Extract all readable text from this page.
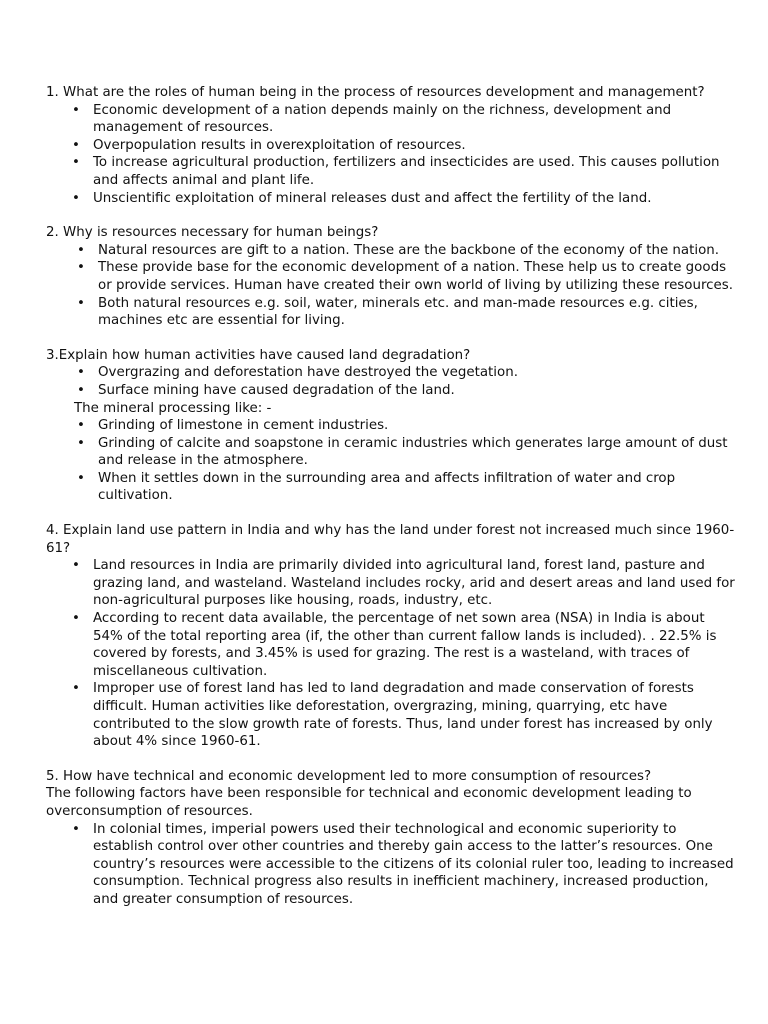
1. What are the roles of human being in the process of resources development and management?

• Economic development of a nation depends mainly on the richness, development and management of resources.
• Overpopulation results in overexploitation of resources.
• To increase agricultural production, fertilizers and insecticides are used. This causes pollution and affects animal and plant life.
• Unscientific exploitation of mineral releases dust and affect the fertility of the land.

2. Why is resources necessary for human beings?

• Natural resources are gift to a nation. These are the backbone of the economy of the nation.
• These provide base for the economic development of a nation. These help us to create goods or provide services. Human have created their own world of living by utilizing these resources.
• Both natural resources e.g. soil, water, minerals etc. and man-made resources e.g. cities, machines etc are essential for living.

3.Explain how human activities have caused land degradation?

• Overgrazing and deforestation have destroyed the vegetation.
• Surface mining have caused degradation of the land.

The mineral processing like: -

• Grinding of limestone in cement industries.
• Grinding of calcite and soapstone in ceramic industries which generates large amount of dust and release in the atmosphere.
• When it settles down in the surrounding area and affects infiltration of water and crop cultivation.

4. Explain land use pattern in India and why has the land under forest not increased much since 1960-61?

• Land resources in India are primarily divided into agricultural land, forest land, pasture and grazing land, and wasteland. Wasteland includes rocky, arid and desert areas and land used for non-agricultural purposes like housing, roads, industry, etc.
• According to recent data available, the percentage of net sown area (NSA) in India is about 54% of the total reporting area (if, the other than current fallow lands is included). . 22.5% is covered by forests, and 3.45% is used for grazing. The rest is a wasteland, with traces of miscellaneous cultivation.
• Improper use of forest land has led to land degradation and made conservation of forests difficult. Human activities like deforestation, overgrazing, mining, quarrying, etc have contributed to the slow growth rate of forests. Thus, land under forest has increased by only about 4% since 1960-61.

5. How have technical and economic development led to more consumption of resources?

The following factors have been responsible for technical and economic development leading to overconsumption of resources.

• In colonial times, imperial powers used their technological and economic superiority to establish control over other countries and thereby gain access to the latter’s resources. One country’s resources were accessible to the citizens of its colonial ruler too, leading to increased consumption. Technical progress also results in inefficient machinery, increased production, and greater consumption of resources.
